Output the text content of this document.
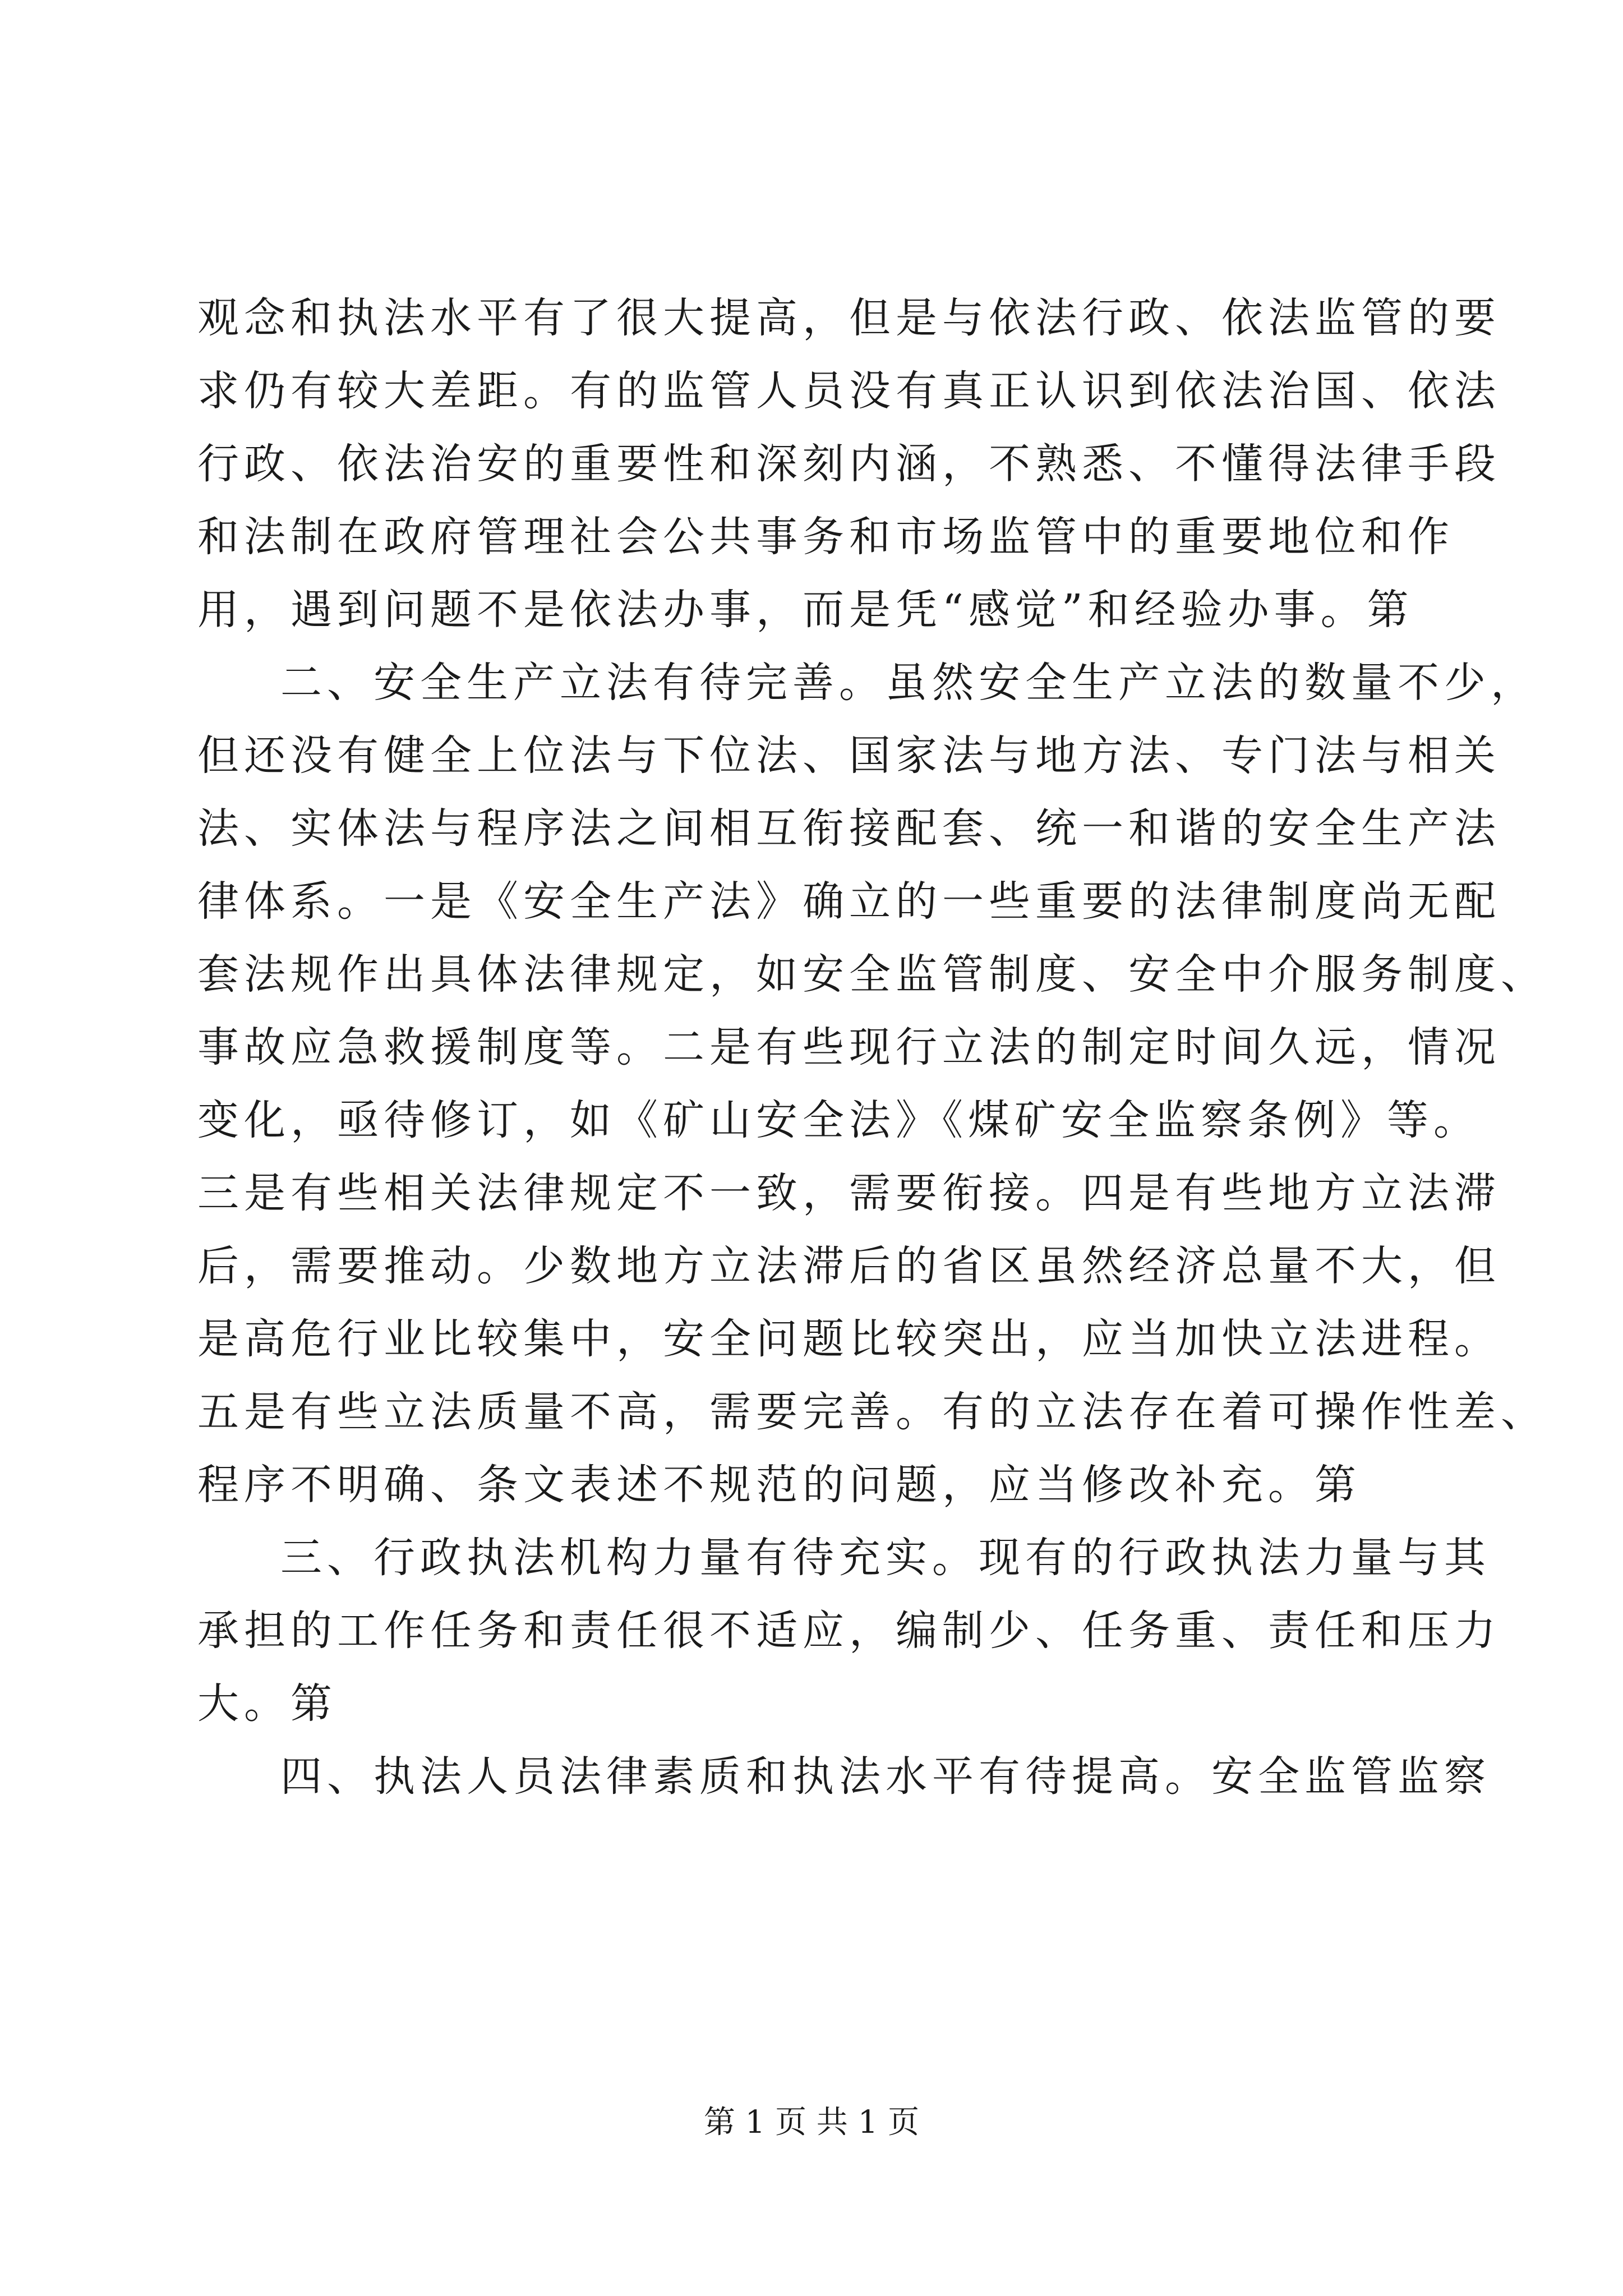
观念和执法水平有了很大提高，但是与依法行政、依法监管的要
求仍有较大差距。有的监管人员没有真正认识到依法治国、依法
行政、依法治安的重要性和深刻内涵，不熟悉、不懂得法律手段
和法制在政府管理社会公共事务和市场监管中的重要地位和作
用，遇到问题不是依法办事，而是凭“感觉”和经验办事。第
二、安全生产立法有待完善。虽然安全生产立法的数量不少，
但还没有健全上位法与下位法、国家法与地方法、专门法与相关
法、实体法与程序法之间相互衔接配套、统一和谐的安全生产法
律体系。一是《安全生产法》确立的一些重要的法律制度尚无配
套法规作出具体法律规定，如安全监管制度、安全中介服务制度、
事故应急救援制度等。二是有些现行立法的制定时间久远，情况
变化，亟待修订，如《矿山安全法》《煤矿安全监察条例》等。
三是有些相关法律规定不一致，需要衔接。四是有些地方立法滞
后，需要推动。少数地方立法滞后的省区虽然经济总量不大，但
是高危行业比较集中，安全问题比较突出，应当加快立法进程。
五是有些立法质量不高，需要完善。有的立法存在着可操作性差、
程序不明确、条文表述不规范的问题，应当修改补充。第
三、行政执法机构力量有待充实。现有的行政执法力量与其
承担的工作任务和责任很不适应，编制少、任务重、责任和压力
大。第
四、执法人员法律素质和执法水平有待提高。安全监管监察
第 1 页 共 1 页
